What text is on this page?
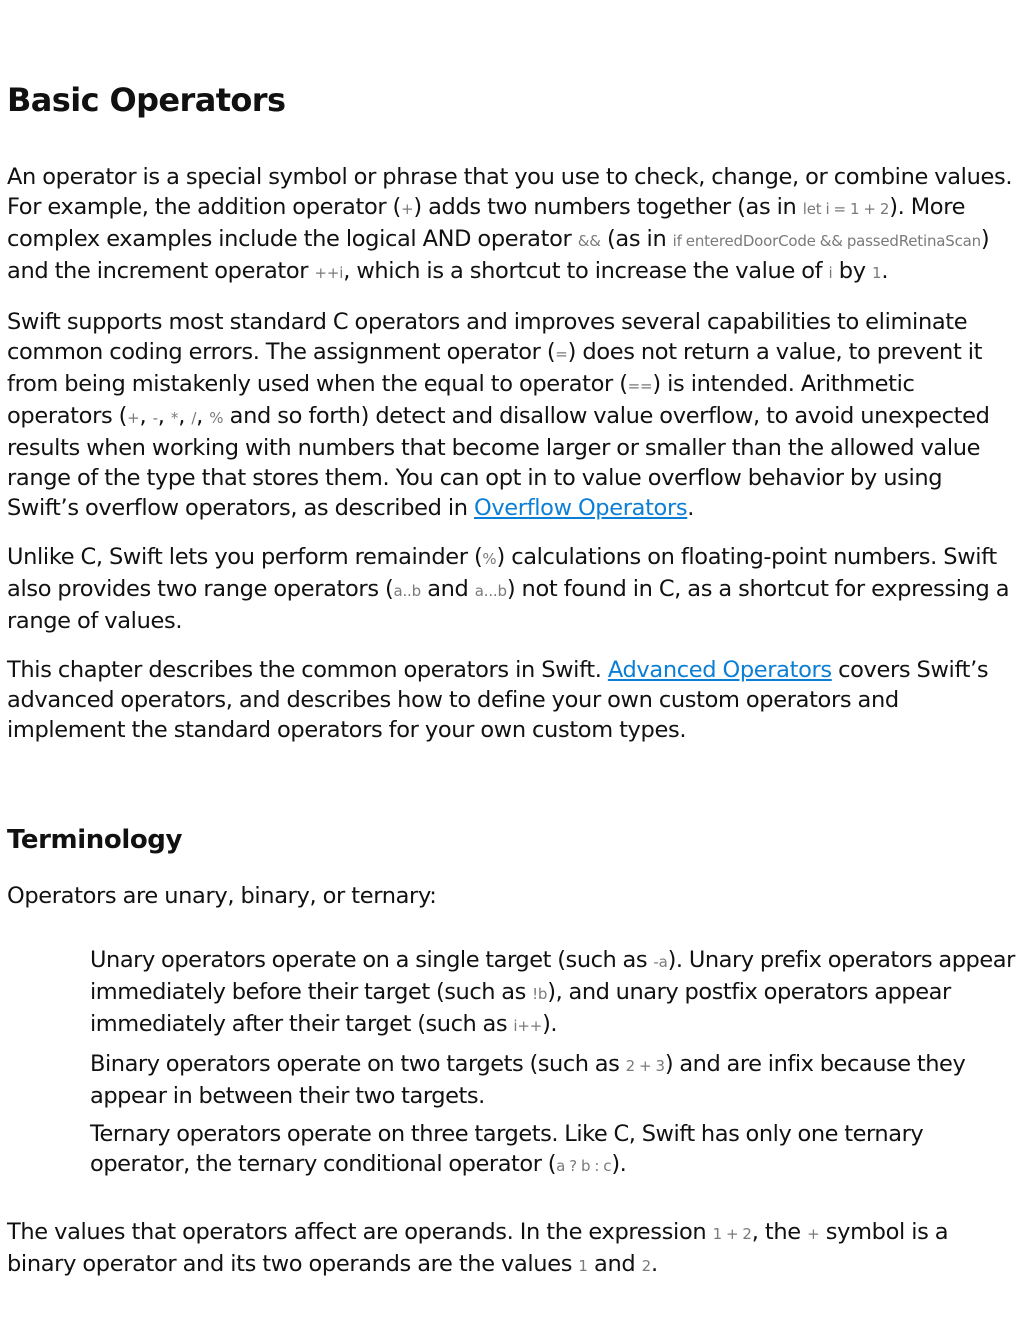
Basic Operators

An operator is a special symbol or phrase that you use to check, change, or combine values. For example, the addition operator (+) adds two numbers together (as in let i = 1 + 2). More complex examples include the logical AND operator && (as in if enteredDoorCode && passedRetinaScan) and the increment operator ++i, which is a shortcut to increase the value of i by 1.

Swift supports most standard C operators and improves several capabilities to eliminate common coding errors. The assignment operator (=) does not return a value, to prevent it from being mistakenly used when the equal to operator (==) is intended. Arithmetic operators (+, -, *, /, % and so forth) detect and disallow value overflow, to avoid unexpected results when working with numbers that become larger or smaller than the allowed value range of the type that stores them. You can opt in to value overflow behavior by using Swift’s overflow operators, as described in Overflow Operators.

Unlike C, Swift lets you perform remainder (%) calculations on floating-point numbers. Swift also provides two range operators (a..b and a...b) not found in C, as a shortcut for expressing a range of values.

This chapter describes the common operators in Swift. Advanced Operators covers Swift’s advanced operators, and describes how to define your own custom operators and implement the standard operators for your own custom types.

Terminology

Operators are unary, binary, or ternary:

Unary operators operate on a single target (such as -a). Unary prefix operators appear immediately before their target (such as !b), and unary postfix operators appear immediately after their target (such as i++).

Binary operators operate on two targets (such as 2 + 3) and are infix because they appear in between their two targets.

Ternary operators operate on three targets. Like C, Swift has only one ternary operator, the ternary conditional operator (a ? b : c).

The values that operators affect are operands. In the expression 1 + 2, the + symbol is a binary operator and its two operands are the values 1 and 2.
